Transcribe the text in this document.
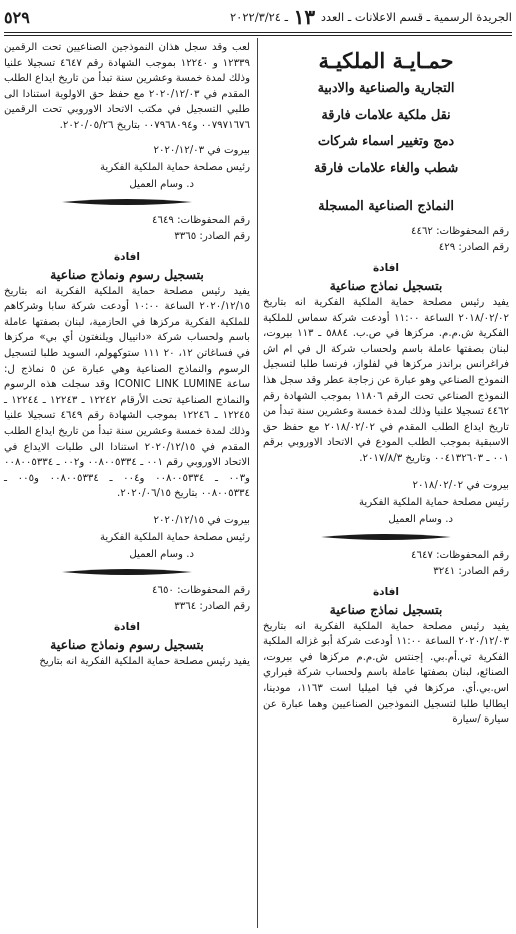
الجريدة الرسمية ـ قسم الاعلانات ـ العدد ١٣ ـ ٢٠٢٢/٣/٢٤
٥٢٩
حمـايـة الملكيـة
التجارية والصناعية والادبية
نقل ملكية علامات فارقة
دمج وتغيير اسماء شركات
شطب والغاء علامات فارقة
النماذج الصناعية المسجلة
رقم المحفوظات: ٤٤٦٢
رقم الصادر: ٤٢٩
افادة
بتسجيل نماذج صناعية
يفيد رئيس مصلحة حماية الملكية الفكرية انه بتاريخ ٢٠١٨/٠٢/٠٢ الساعة ١١:٠٠ أودعت شركة سماس للملكية الفكرية ش.م.م. مركزها في ص.ب. ٥٨٨٤ ـ ١١٣ بيروت، لبنان بصفتها عاملة باسم ولحساب شركة ال في ام اش فراغرانس براندز مركزها في لفلواز، فرنسا طلبا لتسجيل النموذج الصناعي وهو عبارة عن زجاجة عطر وقد سجل هذا النموذج الصناعي تحت الرقم ١١٨٠٦ بموجب الشهادة رقم ٤٤٦٢ تسجيلا علنيا وذلك لمدة خمسة وعشرين سنة تبدأ من تاريخ ايداع الطلب المقدم في ٢٠١٨/٠٢/٠٢ مع حفظ حق الاسبقية بموجب الطلب المودع في الاتحاد الاوروبي برقم ٠٠١ ـ ٠٠٤١٣٢٦٠٣ وتاريخ ٢٠١٧/٨/٣.
بيروت في ٢٠١٨/٠٢/٠٢
رئيس مصلحة حماية الملكية الفكرية
د. وسام العميل
رقم المحفوظات: ٤٦٤٧
رقم الصادر: ٣٢٤١
افادة
بتسجيل نماذج صناعية
يفيد رئيس مصلحة حماية الملكية الفكرية انه بتاريخ ٢٠٢٠/١٢/٠٣ الساعة ١١:٠٠ أودعت شركة أبو غزاله الملكية الفكرية تي.أم.بي. إجنتس ش.م.م مركزها في بيروت، الصنائع، لبنان بصفتها عاملة باسم ولحساب شركة فيراري اس.بي.أي. مركزها في فيا اميليا است ١١٦٣، مودينا، ايطاليا طلبا لتسجيل النموذجين الصناعيين وهما عبارة عن سيارة /سيارة
لعب وقد سجل هذان النموذجين الصناعيين تحت الرقمين ١٢٣٣٩ و ١٢٢٤٠ بموجب الشهادة رقم ٤٦٤٧ تسجيلا علنيا وذلك لمدة خمسة وعشرين سنة تبدأ من تاريخ ايداع الطلب المقدم في ٢٠٢٠/١٢/٠٣ مع حفظ حق الاولوية استنادا الى طلبي التسجيل في مكتب الاتحاد الاوروبي تحت الرقمين ٠٠٧٩٧١٦٧٦ و٠٠٧٩٦٨٠٩٤ بتاريخ ٢٠٢٠/٠٥/٢٦.
بيروت في ٢٠٢٠/١٢/٠٣
رئيس مصلحة حماية الملكية الفكرية
د. وسام العميل
رقم المحفوظات: ٤٦٤٩
رقم الصادر: ٣٣٦٥
افادة
بتسجيل رسوم ونماذج صناعية
يفيد رئيس مصلحة حماية الملكية الفكرية انه بتاريخ ٢٠٢٠/١٢/١٥ الساعة ١٠:٠٠ أودعت شركة سابا وشركاهم للملكية الفكرية مركزها في الحازمية، لبنان بصفتها عاملة باسم ولحساب شركة «دانييال ويلنغتون أي بي» مركزها في فساغاتن ١٢، ٢٠ ١١١ ستوكهولم، السويد طلبا لتسجيل الرسوم والنماذج الصناعية وهي عبارة عن ٥ نماذج ل: ساعة ICONIC LINK LUMINE وقد سجلت هذه الرسوم والنماذج الصناعية تحت الأرقام ١٢٢٤٢ ـ ١٢٢٤٣ ـ ١٢٢٤٤ ـ ١٢٢٤٥ ـ ١٢٢٤٦ بموجب الشهادة رقم ٤٦٤٩ تسجيلا علنيا وذلك لمدة خمسة وعشرين سنة تبدأ من تاريخ ايداع الطلب المقدم في ٢٠٢٠/١٢/١٥ استنادا الى طلبات الايداع في الاتحاد الاوروبي رقم ٠٠١ ـ ٠٠٨٠٠٥٣٣٤ و٠٠٢ ـ ٠٠٨٠٠٥٣٣٤ و٠٠٣ ـ ٠٠٨٠٠٥٣٣٤ و٠٠٤ ـ ٠٠٨٠٠٥٣٣٤ و٠٠٥ ـ ٠٠٨٠٠٥٣٣٤ بتاريخ ٢٠٢٠/٠٦/١٥.
بيروت في ٢٠٢٠/١٢/١٥
رئيس مصلحة حماية الملكية الفكرية
د. وسام العميل
رقم المحفوظات: ٤٦٥٠
رقم الصادر: ٣٣٦٤
افادة
بتسجيل رسوم ونماذج صناعية
يفيد رئيس مصلحة حماية الملكية الفكرية انه بتاريخ
